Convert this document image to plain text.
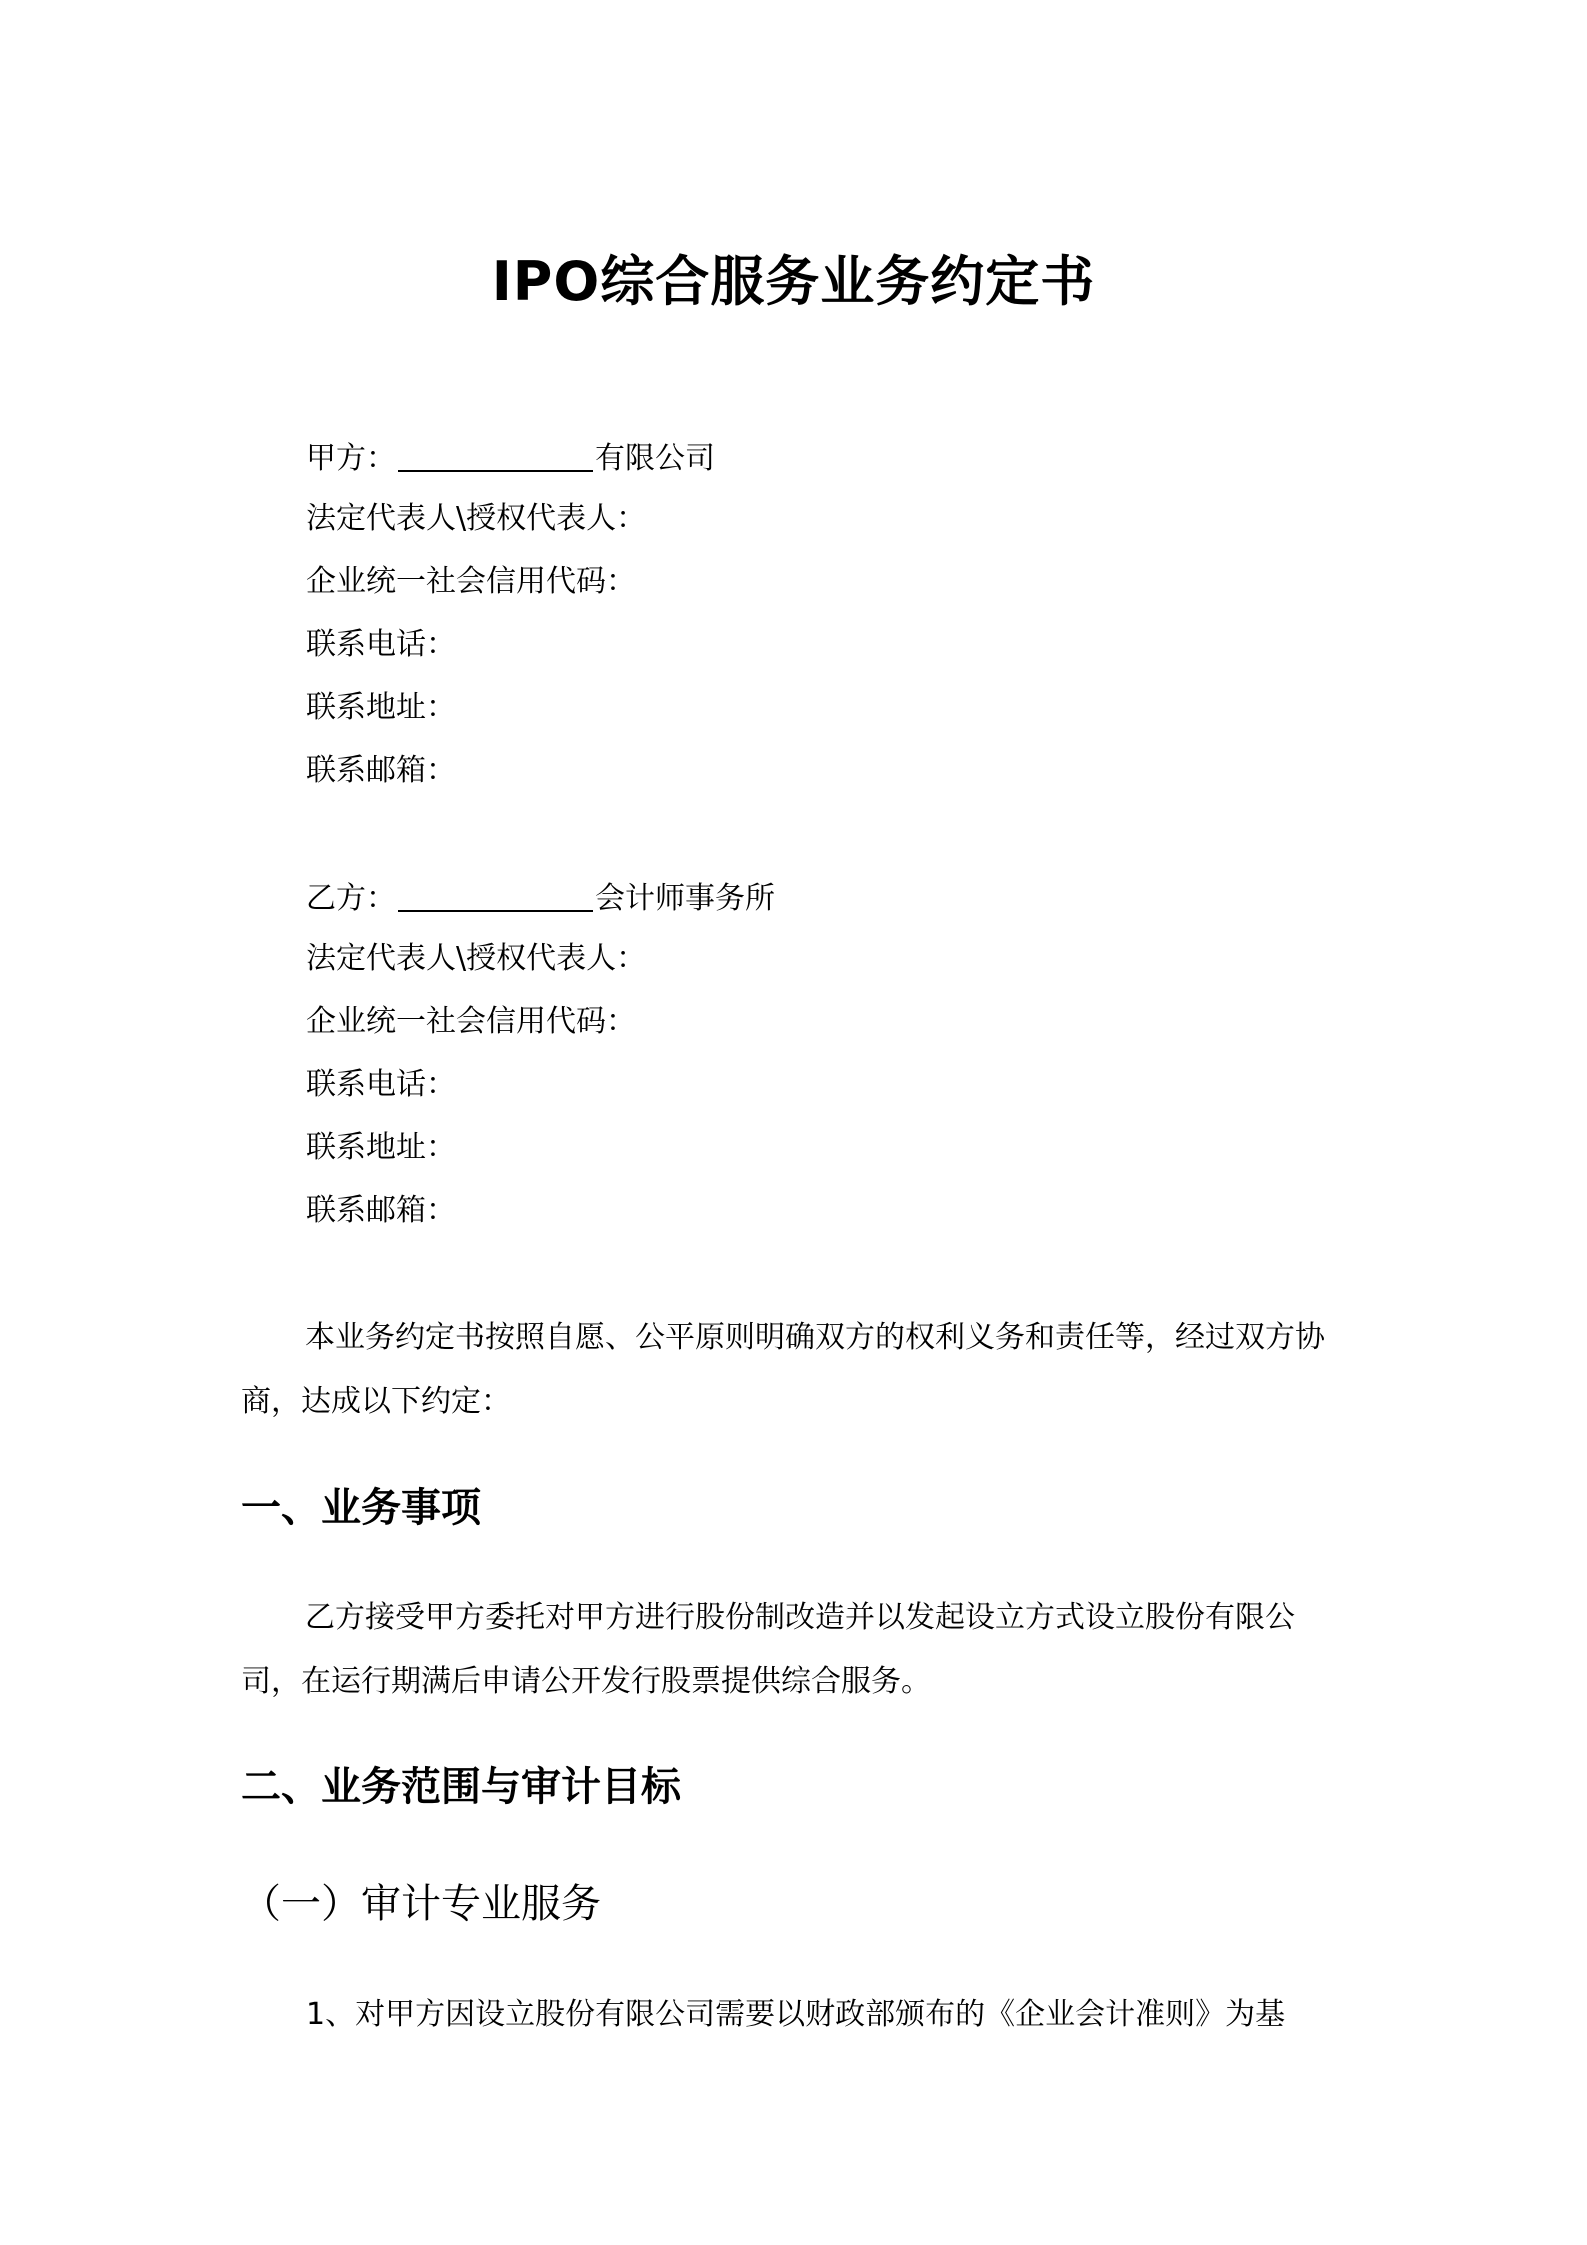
IPO综合服务业务约定书
甲方：	有限公司
法定代表人\授权代表人：
企业统一社会信用代码：
联系电话：
联系地址：
联系邮箱：
乙方：	会计师事务所
法定代表人\授权代表人：
企业统一社会信用代码：
联系电话：
联系地址：
联系邮箱：
本业务约定书按照自愿、公平原则明确双方的权利义务和责任等，经过双方协商，达成以下约定：
一、业务事项
乙方接受甲方委托对甲方进行股份制改造并以发起设立方式设立股份有限公司，在运行期满后申请公开发行股票提供综合服务。
二、业务范围与审计目标
（一）审计专业服务
1、对甲方因设立股份有限公司需要以财政部颁布的《企业会计准则》为基
